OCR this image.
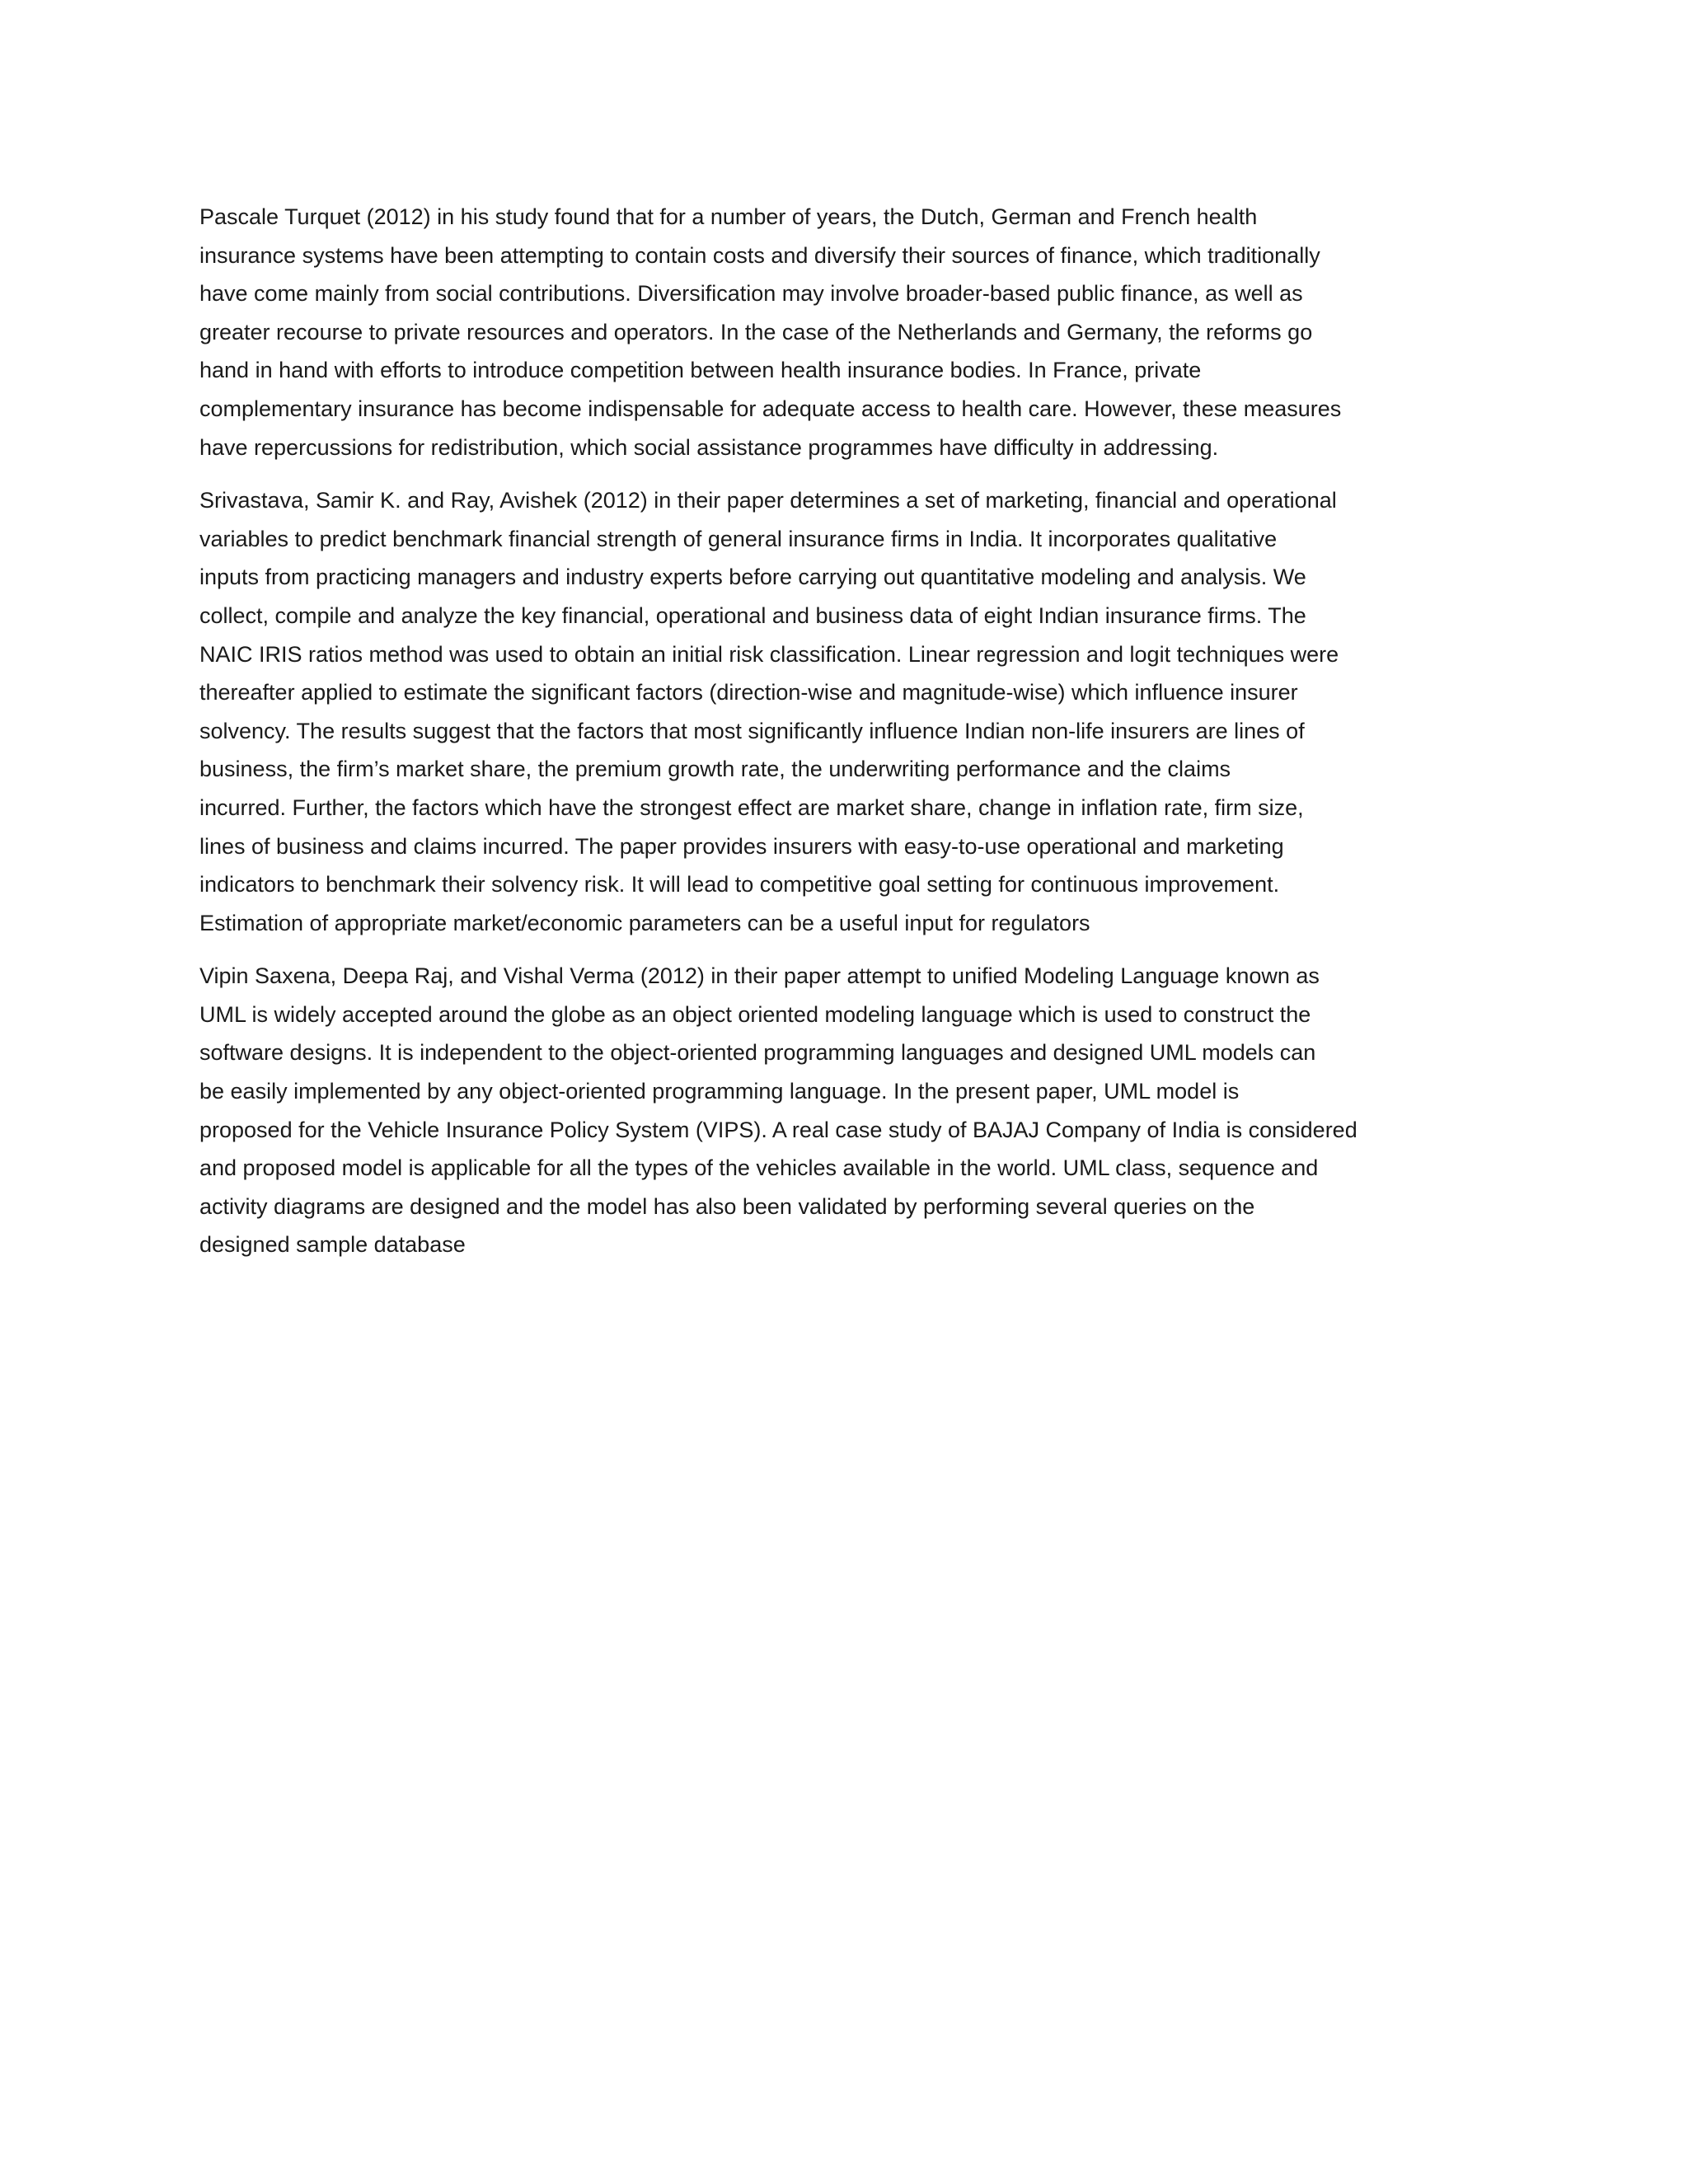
Pascale Turquet (2012) in his study found that for a number of years, the Dutch, German and French health
insurance systems have been attempting to contain costs and diversify their sources of finance, which traditionally
have come mainly from social contributions. Diversification may involve broader-based public finance, as well as
greater recourse to private resources and operators. In the case of the Netherlands and Germany, the reforms go
hand in hand with efforts to introduce competition between health insurance bodies. In France, private
complementary insurance has become indispensable for adequate access to health care. However, these measures
have repercussions for redistribution, which social assistance programmes have difficulty in addressing.

Srivastava, Samir K. and Ray, Avishek (2012) in their paper determines a set of marketing, financial and operational
variables to predict benchmark financial strength of general insurance firms in India. It incorporates qualitative
inputs from practicing managers and industry experts before carrying out quantitative modeling and analysis. We
collect, compile and analyze the key financial, operational and business data of eight Indian insurance firms. The
NAIC IRIS ratios method was used to obtain an initial risk classification. Linear regression and logit techniques were
thereafter applied to estimate the significant factors (direction-wise and magnitude-wise) which influence insurer
solvency. The results suggest that the factors that most significantly influence Indian non-life insurers are lines of
business, the firm’s market share, the premium growth rate, the underwriting performance and the claims
incurred. Further, the factors which have the strongest effect are market share, change in inflation rate, firm size,
lines of business and claims incurred. The paper provides insurers with easy-to-use operational and marketing
indicators to benchmark their solvency risk. It will lead to competitive goal setting for continuous improvement.
Estimation of appropriate market/economic parameters can be a useful input for regulators

Vipin Saxena, Deepa Raj, and Vishal Verma (2012) in their paper attempt to unified Modeling Language known as
UML is widely accepted around the globe as an object oriented modeling language which is used to construct the
software designs. It is independent to the object-oriented programming languages and designed UML models can
be easily implemented by any object-oriented programming language. In the present paper, UML model is
proposed for the Vehicle Insurance Policy System (VIPS). A real case study of BAJAJ Company of India is considered
and proposed model is applicable for all the types of the vehicles available in the world. UML class, sequence and
activity diagrams are designed and the model has also been validated by performing several queries on the
designed sample database
